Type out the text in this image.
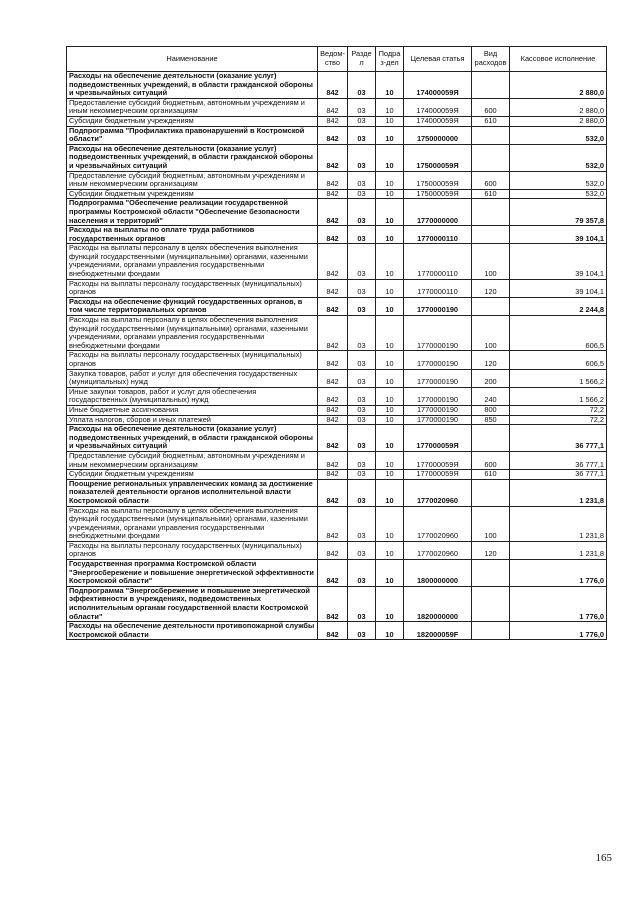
Наименование	Ведом-ство	Раздел	Подраз-дел	Целевая статья	Вид расходов	Кассовое исполнение
Расходы на обеспечение деятельности (оказание услуг) подведомственных учреждений, в области гражданской обороны и чрезвычайных ситуаций	842	03	10	174000059Я		2 880,0
Предоставление субсидий бюджетным, автономным учреждениям и иным некоммерческим организациям	842	03	10	174000059Я	600	2 880,0
Субсидии бюджетным учреждениям	842	03	10	174000059Я	610	2 880,0
Подпрограмма "Профилактика правонарушений в Костромской области"	842	03	10	1750000000		532,0
Расходы на обеспечение деятельности (оказание услуг) подведомственных учреждений, в области гражданской обороны и чрезвычайных ситуаций	842	03	10	175000059Я		532,0
Предоставление субсидий бюджетным, автономным учреждениям и иным некоммерческим организациям	842	03	10	175000059Я	600	532,0
Субсидии бюджетным учреждениям	842	03	10	175000059Я	610	532,0
Подпрограмма "Обеспечение реализации государственной программы Костромской области "Обеспечение безопасности населения и территорий"	842	03	10	1770000000		79 357,8
Расходы на выплаты по оплате труда работников государственных органов	842	03	10	1770000110		39 104,1
Расходы на выплаты персоналу в целях обеспечения выполнения функций государственными (муниципальными) органами, казенными учреждениями, органами управления государственными внебюджетными фондами	842	03	10	1770000110	100	39 104,1
Расходы на выплаты персоналу государственных (муниципальных) органов	842	03	10	1770000110	120	39 104,1
Расходы на обеспечение функций государственных органов, в том числе территориальных органов	842	03	10	1770000190		2 244,8
Расходы на выплаты персоналу в целях обеспечения выполнения функций государственными (муниципальными) органами, казенными учреждениями, органами управления государственными внебюджетными фондами	842	03	10	1770000190	100	606,5
Расходы на выплаты персоналу государственных (муниципальных) органов	842	03	10	1770000190	120	606,5
Закупка товаров, работ и услуг для обеспечения государственных (муниципальных) нужд	842	03	10	1770000190	200	1 566,2
Иные закупки товаров, работ и услуг для обеспечения государственных (муниципальных) нужд	842	03	10	1770000190	240	1 566,2
Иные бюджетные ассигнования	842	03	10	1770000190	800	72,2
Уплата налогов, сборов и иных платежей	842	03	10	1770000190	850	72,2
Расходы на обеспечение деятельности (оказание услуг) подведомственных учреждений, в области гражданской обороны и чрезвычайных ситуаций	842	03	10	177000059Я		36 777,1
Предоставление субсидий бюджетным, автономным учреждениям и иным некоммерческим организациям	842	03	10	177000059Я	600	36 777,1
Субсидии бюджетным учреждениям	842	03	10	177000059Я	610	36 777,1
Поощрение региональных управленческих команд за достижение показателей деятельности органов исполнительной власти Костромской области	842	03	10	1770020960		1 231,8
Расходы на выплаты персоналу в целях обеспечения выполнения функций государственными (муниципальными) органами, казенными учреждениями, органами управления государственными внебюджетными фондами	842	03	10	1770020960	100	1 231,8
Расходы на выплаты персоналу государственных (муниципальных) органов	842	03	10	1770020960	120	1 231,8
Государственная программа Костромской области "Энергосбережение и повышение энергетической эффективности Костромской области"	842	03	10	1800000000		1 776,0
Подпрограмма "Энергосбережение и повышение энергетической эффективности в учреждениях, подведомственных исполнительным органам государственной власти Костромской области"	842	03	10	1820000000		1 776,0
Расходы на обеспечение деятельности противопожарной службы Костромской области	842	03	10	182000059F		1 776,0
165
